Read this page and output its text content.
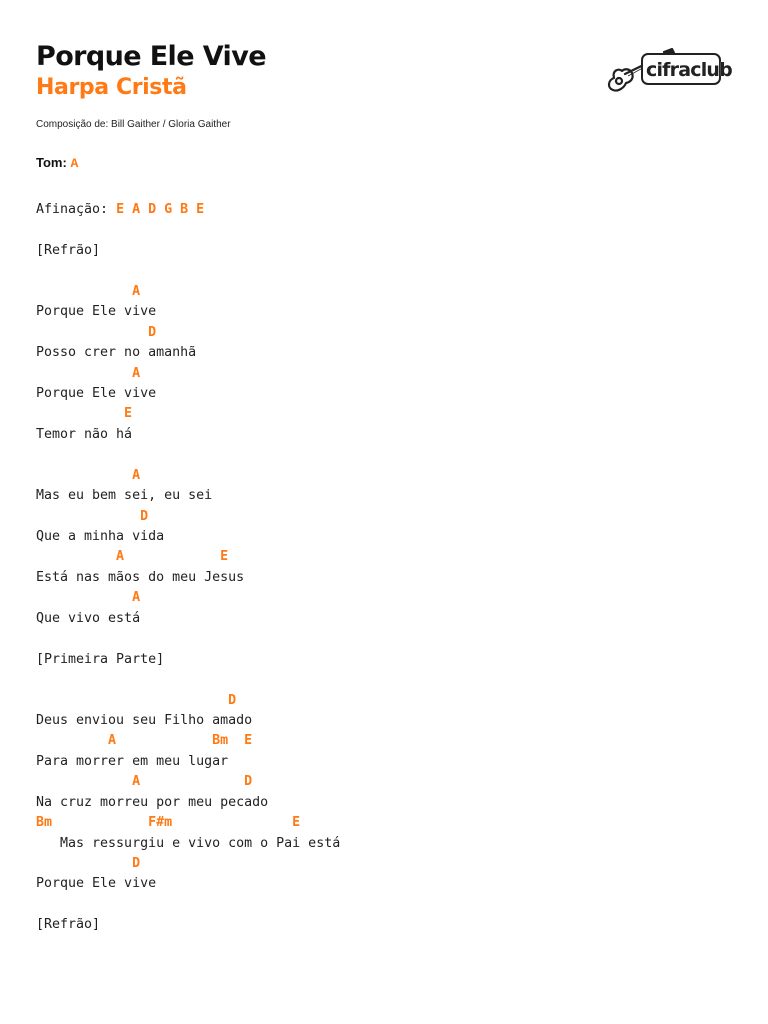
Porque Ele Vive
Harpa Cristã
Composição de: Bill Gaither / Gloria Gaither
cifraclub
Tom: A
Afinação: E A D G B E
[Refrão]
A
Porque Ele vive
D
Posso crer no amanhã
A
Porque Ele vive
E
Temor não há
A
Mas eu bem sei, eu sei
D
Que a minha vida
A            E
Está nas mãos do meu Jesus
A
Que vivo está
[Primeira Parte]
D
Deus enviou seu Filho amado
A            Bm  E
Para morrer em meu lugar
A             D
Na cruz morreu por meu pecado
Bm            F#m               E
Mas ressurgiu e vivo com o Pai está
D
Porque Ele vive
[Refrão]
